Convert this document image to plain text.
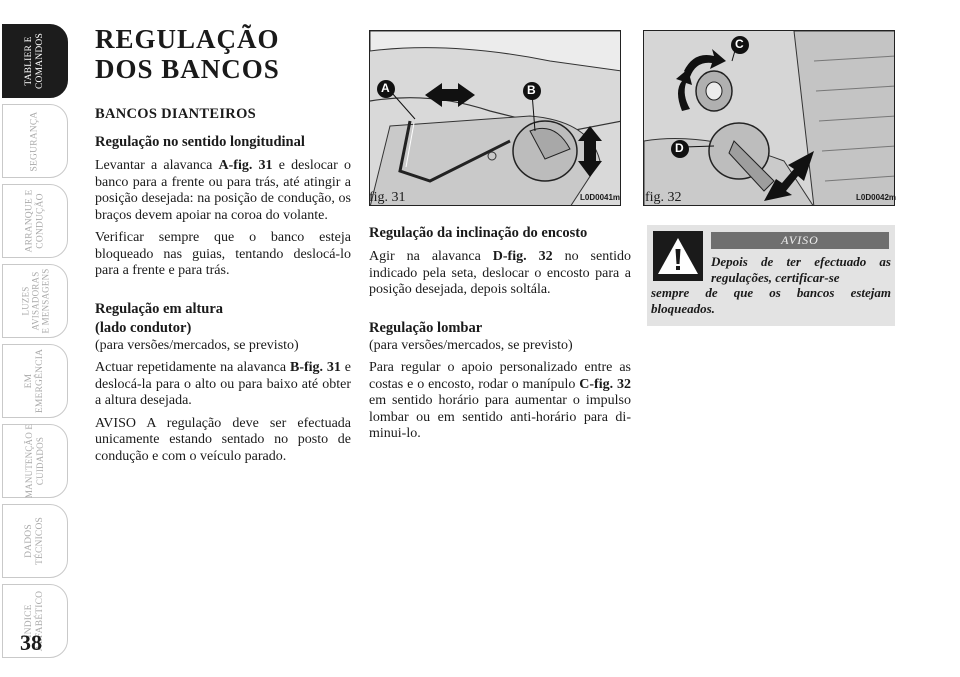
TABLIER E
COMANDOS
SEGURANÇA
ARRANQUE E
CONDUÇÃO
LUZES
AVISADORAS
E MENSAGENS
EM
EMERGÊNCIA
MANUTENÇÃO E
CUIDADOS
DADOS
TÉCNICOS
ÍNDICE
ALFABÉTICO
38
REGULAÇÃO
DOS BANCOS
BANCOS DIANTEIROS
Regulação no sentido longitudinal
Levantar a alavanca A-fig. 31 e deslocar o banco para a frente ou para trás, até atingir a posição desejada: na posição de condução, os braços devem apoiar na coroa do volante.
Verificar sempre que o banco esteja bloqueado nas guias, tentando deslocá-lo para a frente e para trás.
Regulação em altura
(lado condutor)
(para versões/mercados, se previsto)
Actuar repetidamente na alavanca B-fig. 31 e deslocá-la para o alto ou para baixo até obter a altura desejada.
AVISO A regulação deve ser efectuada unicamente estando sentado no posto de condução e com o veículo parado.
A	B
fig. 31	L0D0041m
C
D
fig. 32	L0D0042m
Regulação da inclinação do encosto
Agir na alavanca D-fig. 32 no sentido indicado pela seta, deslocar o encosto para a posição desejada, depois soltála.
Regulação lombar
(para versões/mercados, se previsto)
Para regular o apoio personalizado entre as costas e o encosto, rodar o manípulo C-fig. 32 em sentido horário para aumentar o impulso lombar ou em sentido anti-horário para diminui-lo.
AVISO
Depois de ter efectuado as regulações, certificar-se
sempre de que os bancos estejam bloqueados.
